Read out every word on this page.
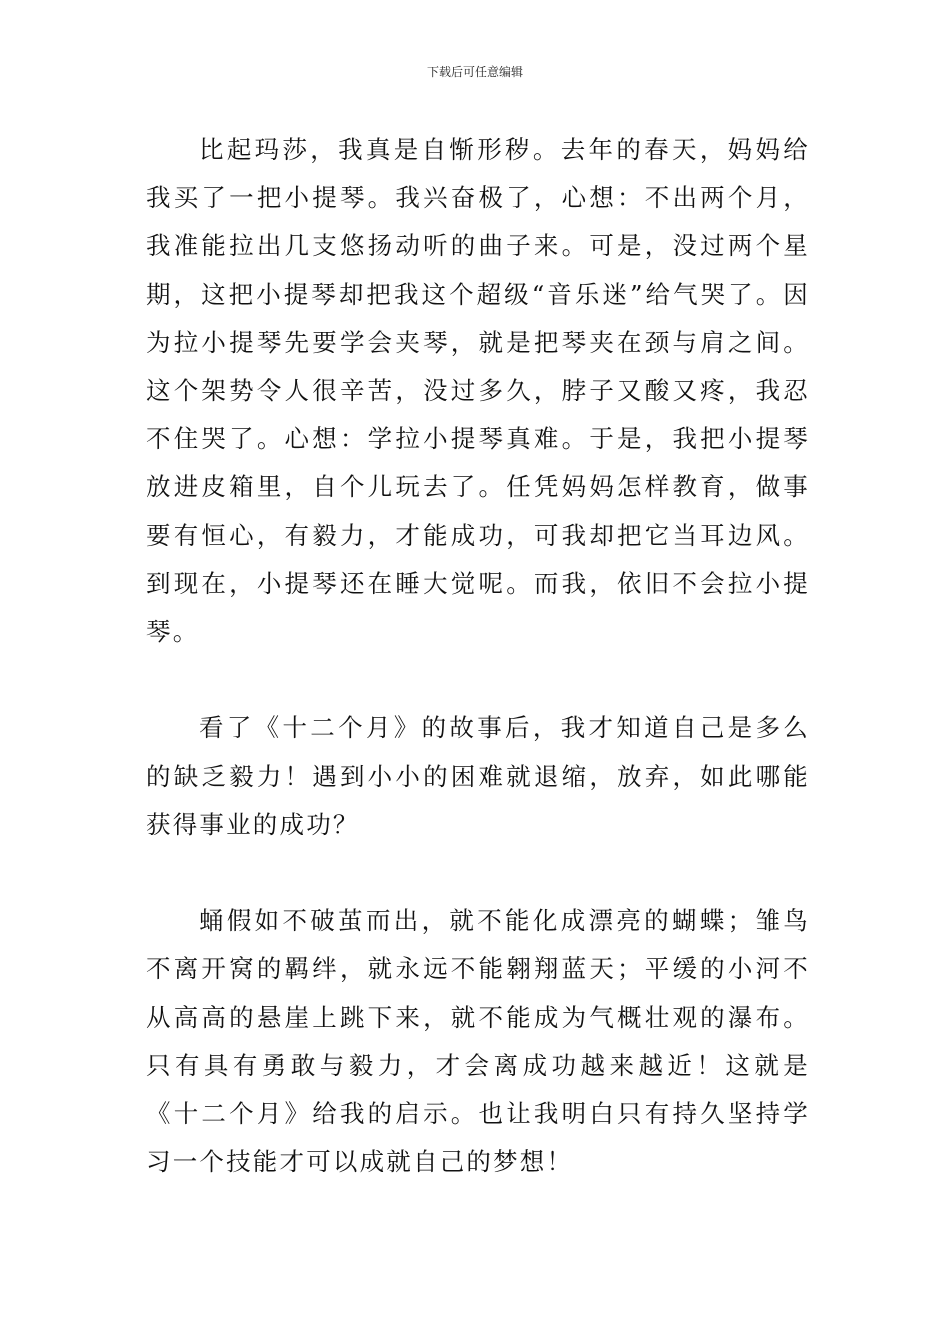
下载后可任意编辑

比起玛莎，我真是自惭形秽。去年的春天，妈妈给我买了一把小提琴。我兴奋极了，心想：不出两个月，我准能拉出几支悠扬动听的曲子来。可是，没过两个星期，这把小提琴却把我这个超级“音乐迷”给气哭了。因为拉小提琴先要学会夹琴，就是把琴夹在颈与肩之间。这个架势令人很辛苦，没过多久，脖子又酸又疼，我忍不住哭了。心想：学拉小提琴真难。于是，我把小提琴放进皮箱里，自个儿玩去了。任凭妈妈怎样教育，做事要有恒心，有毅力，才能成功，可我却把它当耳边风。到现在，小提琴还在睡大觉呢。而我，依旧不会拉小提琴。

看了《十二个月》的故事后，我才知道自己是多么的缺乏毅力！遇到小小的困难就退缩，放弃，如此哪能获得事业的成功？

蛹假如不破茧而出，就不能化成漂亮的蝴蝶；雏鸟不离开窝的羁绊，就永远不能翱翔蓝天；平缓的小河不从高高的悬崖上跳下来，就不能成为气概壮观的瀑布。只有具有勇敢与毅力，才会离成功越来越近！这就是《十二个月》给我的启示。也让我明白只有持久坚持学习一个技能才可以成就自己的梦想！
